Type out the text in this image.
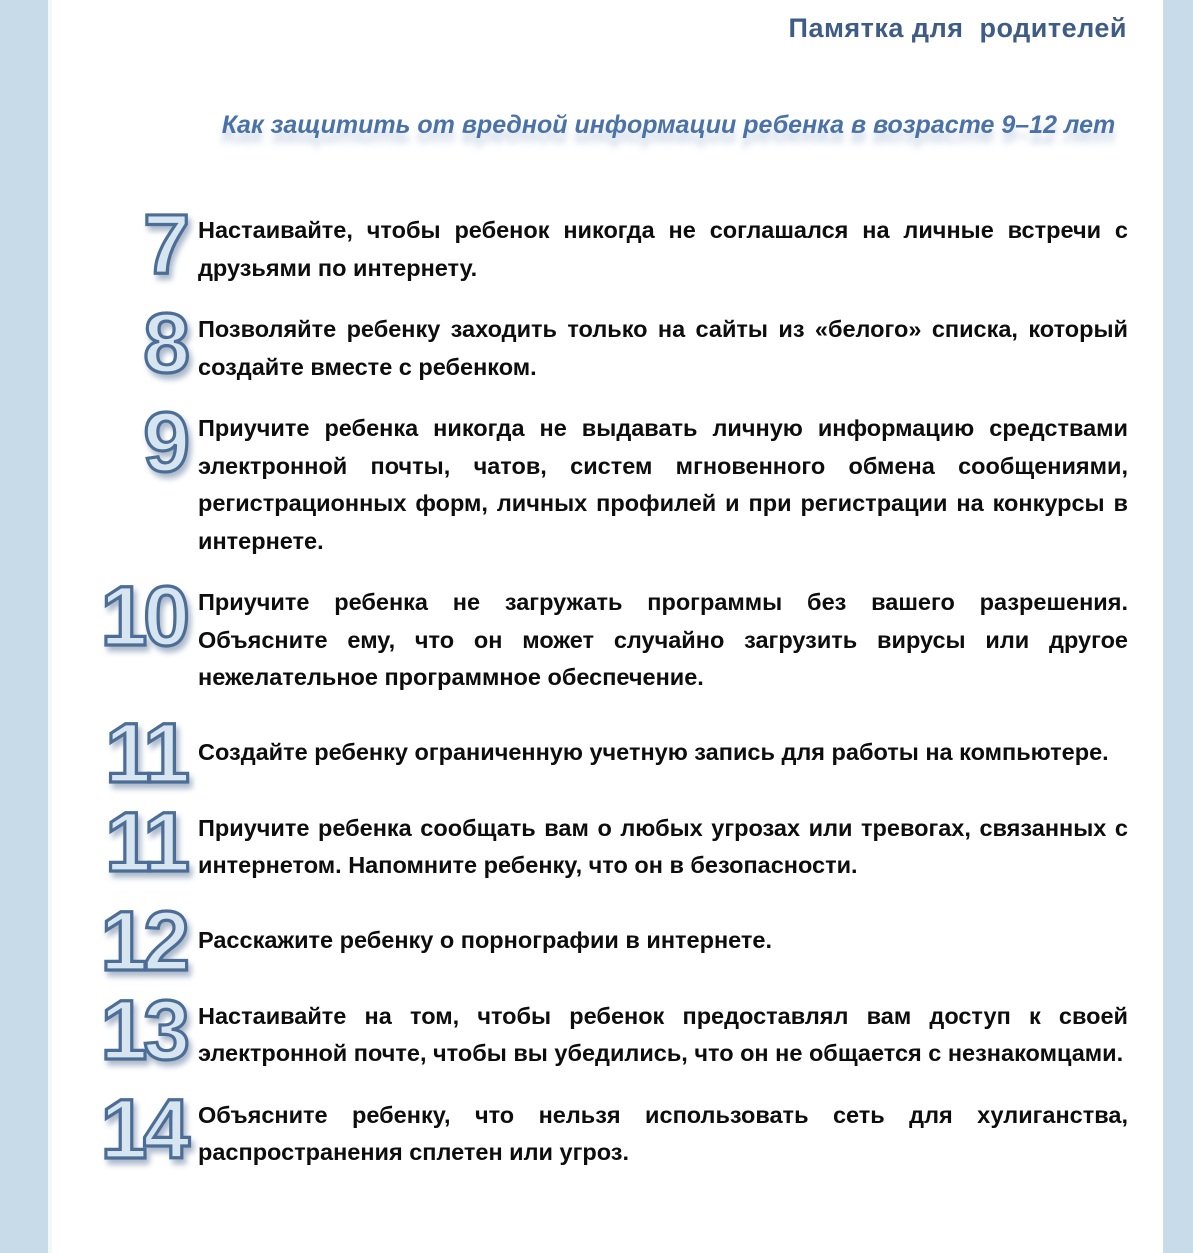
Памятка для  родителей
Как защитить от вредной информации ребенка в возрасте 9–12 лет
7 Настаивайте, чтобы ребенок никогда не соглашался на личные встречи с друзьями по интернету.
8 Позволяйте ребенку заходить только на сайты из «белого» списка, который создайте вместе с ребенком.
9 Приучите ребенка никогда не выдавать личную информацию средствами электронной почты, чатов, систем мгновенного обмена сообщениями, регистрационных форм, личных профилей и при регистрации на конкурсы в интернете.
10 Приучите ребенка не загружать программы без вашего разрешения. Объясните ему, что он может случайно загрузить вирусы или другое нежелательное программное обеспечение.
11 Создайте ребенку ограниченную учетную запись для работы на компьютере.
11 Приучите ребенка сообщать вам о любых угрозах или тревогах, связанных с интернетом. Напомните ребенку, что он в безопасности.
12 Расскажите ребенку о порнографии в интернете.
13 Настаивайте на том, чтобы ребенок предоставлял вам доступ к своей электронной почте, чтобы вы убедились, что он не общается с незнакомцами.
14 Объясните ребенку, что нельзя использовать сеть для хулиганства, распространения сплетен или угроз.
